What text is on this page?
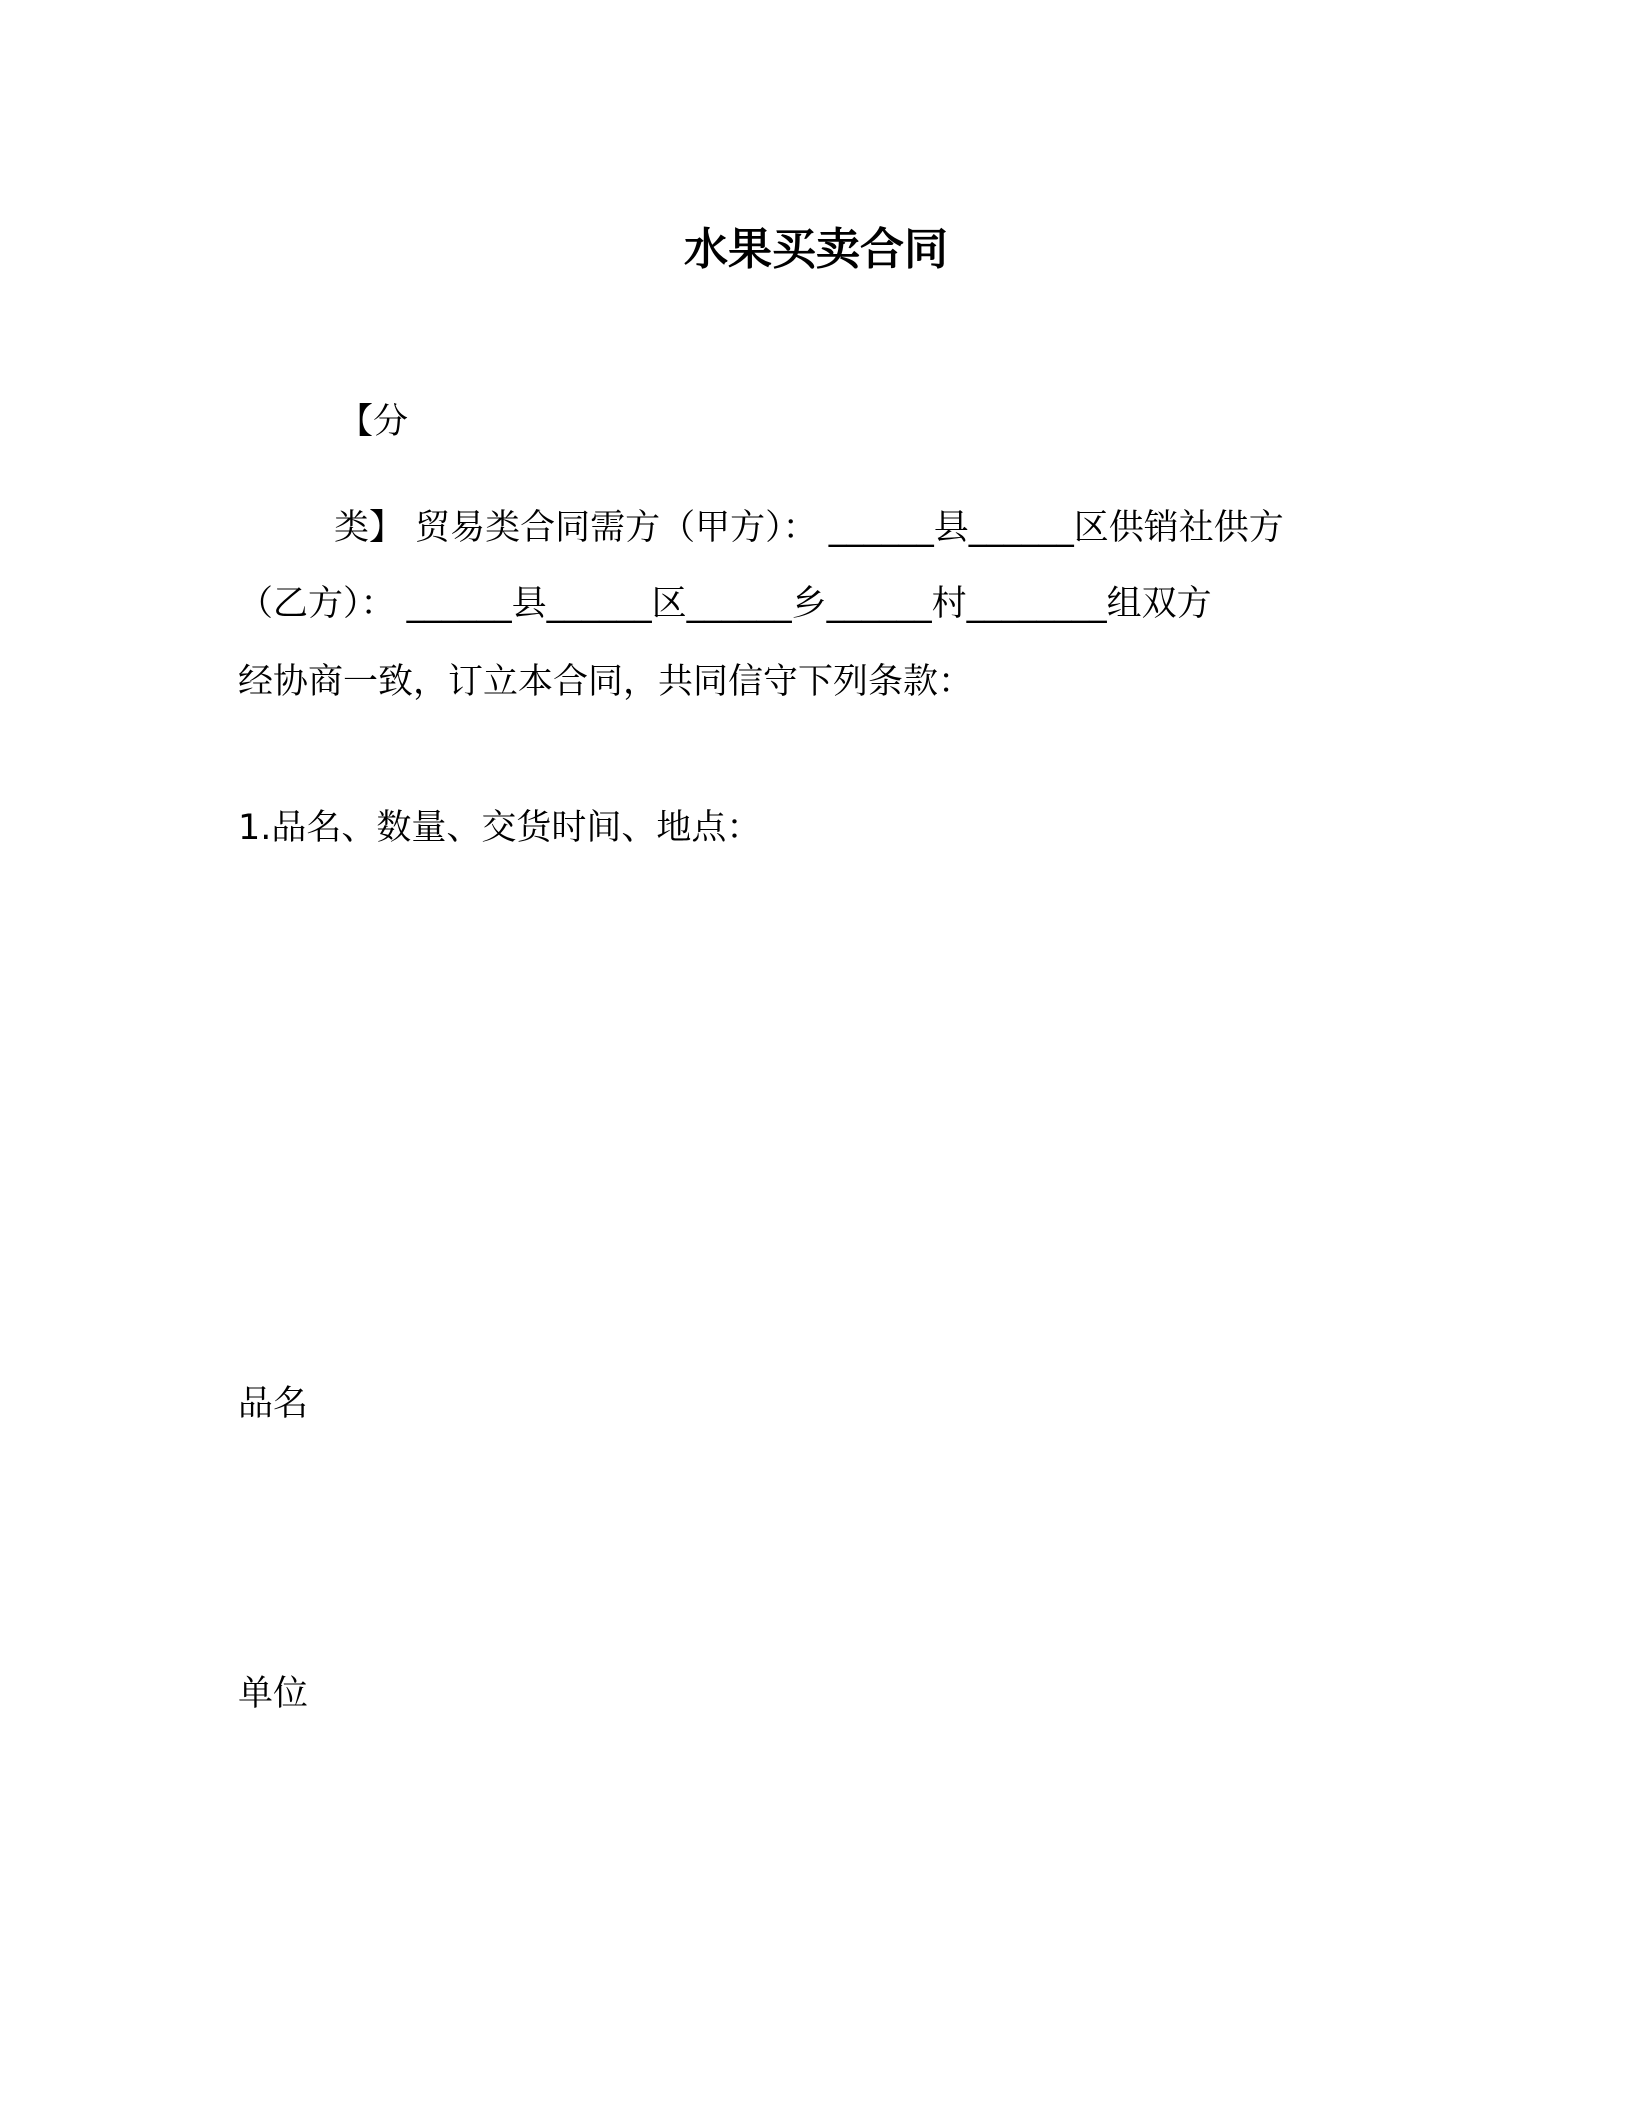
水果买卖合同
【分
类】 贸易类合同需方（甲方）： ______县______区供销社供方
（乙方）： ______县______区______乡______村________组双方
经协商一致，订立本合同，共同信守下列条款：
1.品名、数量、交货时间、地点：
品名
单位
